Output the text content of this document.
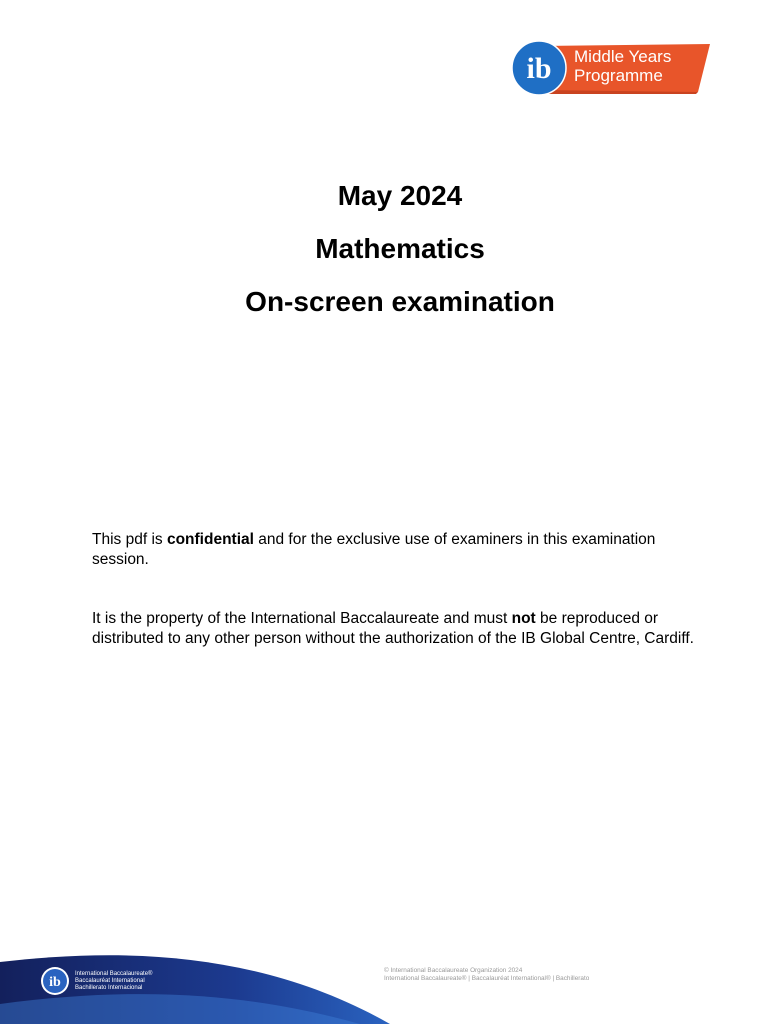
ib Middle Years
Programme
May 2024
Mathematics
On-screen examination
This pdf is confidential and for the exclusive use of examiners in this examination session.
It is the property of the International Baccalaureate and must not be reproduced or distributed to any other person without the authorization of the IB Global Centre, Cardiff.
ib
International Baccalaureate®
Baccalauréat International
Bachillerato Internacional
© International Baccalaureate Organization 2024
International Baccalaureate® | Baccalauréat International® | Bachillerato
